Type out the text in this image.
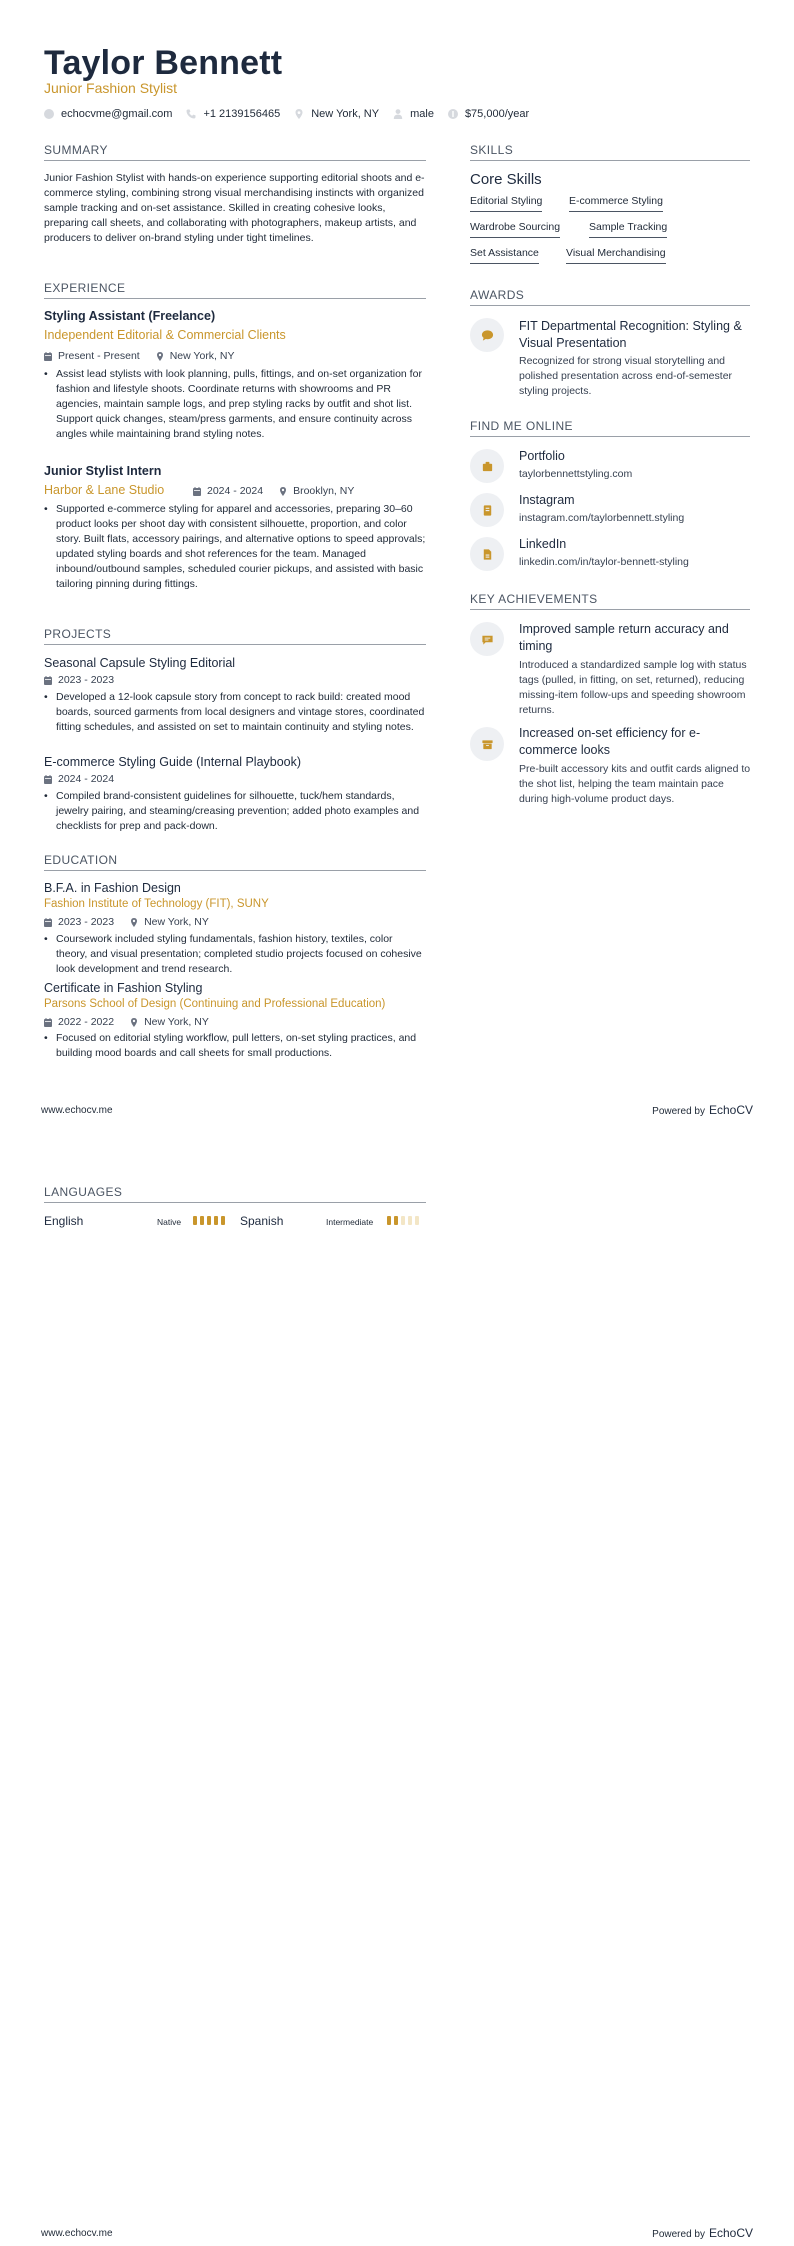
Taylor Bennett
Junior Fashion Stylist
echocvme@gmail.com	+1 2139156465	New York, NY	male	$75,000/year
SUMMARY
Junior Fashion Stylist with hands-on experience supporting editorial shoots and e-commerce styling, combining strong visual merchandising instincts with organized sample tracking and on-set assistance. Skilled in creating cohesive looks, preparing call sheets, and collaborating with photographers, makeup artists, and producers to deliver on-brand styling under tight timelines.
EXPERIENCE
Styling Assistant (Freelance)
Independent Editorial & Commercial Clients
Present - Present	New York, NY
• Assist lead stylists with look planning, pulls, fittings, and on-set organization for fashion and lifestyle shoots. Coordinate returns with showrooms and PR agencies, maintain sample logs, and prep styling racks by outfit and shot list. Support quick changes, steam/press garments, and ensure continuity across angles while maintaining brand styling notes.
Junior Stylist Intern
Harbor & Lane Studio	2024 - 2024	Brooklyn, NY
• Supported e-commerce styling for apparel and accessories, preparing 30–60 product looks per shoot day with consistent silhouette, proportion, and color story. Built flats, accessory pairings, and alternative options to speed approvals; updated styling boards and shot references for the team. Managed inbound/outbound samples, scheduled courier pickups, and assisted with basic tailoring pinning during fittings.
PROJECTS
Seasonal Capsule Styling Editorial
2023 - 2023
• Developed a 12-look capsule story from concept to rack build: created mood boards, sourced garments from local designers and vintage stores, coordinated fitting schedules, and assisted on set to maintain continuity and styling notes.
E-commerce Styling Guide (Internal Playbook)
2024 - 2024
• Compiled brand-consistent guidelines for silhouette, tuck/hem standards, jewelry pairing, and steaming/creasing prevention; added photo examples and checklists for prep and pack-down.
EDUCATION
B.F.A. in Fashion Design
Fashion Institute of Technology (FIT), SUNY
2023 - 2023	New York, NY
• Coursework included styling fundamentals, fashion history, textiles, color theory, and visual presentation; completed studio projects focused on cohesive look development and trend research.
Certificate in Fashion Styling
Parsons School of Design (Continuing and Professional Education)
2022 - 2022	New York, NY
• Focused on editorial styling workflow, pull letters, on-set styling practices, and building mood boards and call sheets for small productions.
SKILLS
Core Skills
Editorial Styling	E-commerce Styling
Wardrobe Sourcing	Sample Tracking
Set Assistance	Visual Merchandising
AWARDS
FIT Departmental Recognition: Styling & Visual Presentation
Recognized for strong visual storytelling and polished presentation across end-of-semester styling projects.
FIND ME ONLINE
Portfolio
taylorbennettstyling.com
Instagram
instagram.com/taylorbennett.styling
LinkedIn
linkedin.com/in/taylor-bennett-styling
KEY ACHIEVEMENTS
Improved sample return accuracy and timing
Introduced a standardized sample log with status tags (pulled, in fitting, on set, returned), reducing missing-item follow-ups and speeding showroom returns.
Increased on-set efficiency for e-commerce looks
Pre-built accessory kits and outfit cards aligned to the shot list, helping the team maintain pace during high-volume product days.
www.echocv.me	Powered by EchoCV
LANGUAGES
English	Native	Spanish	Intermediate
www.echocv.me	Powered by EchoCV
